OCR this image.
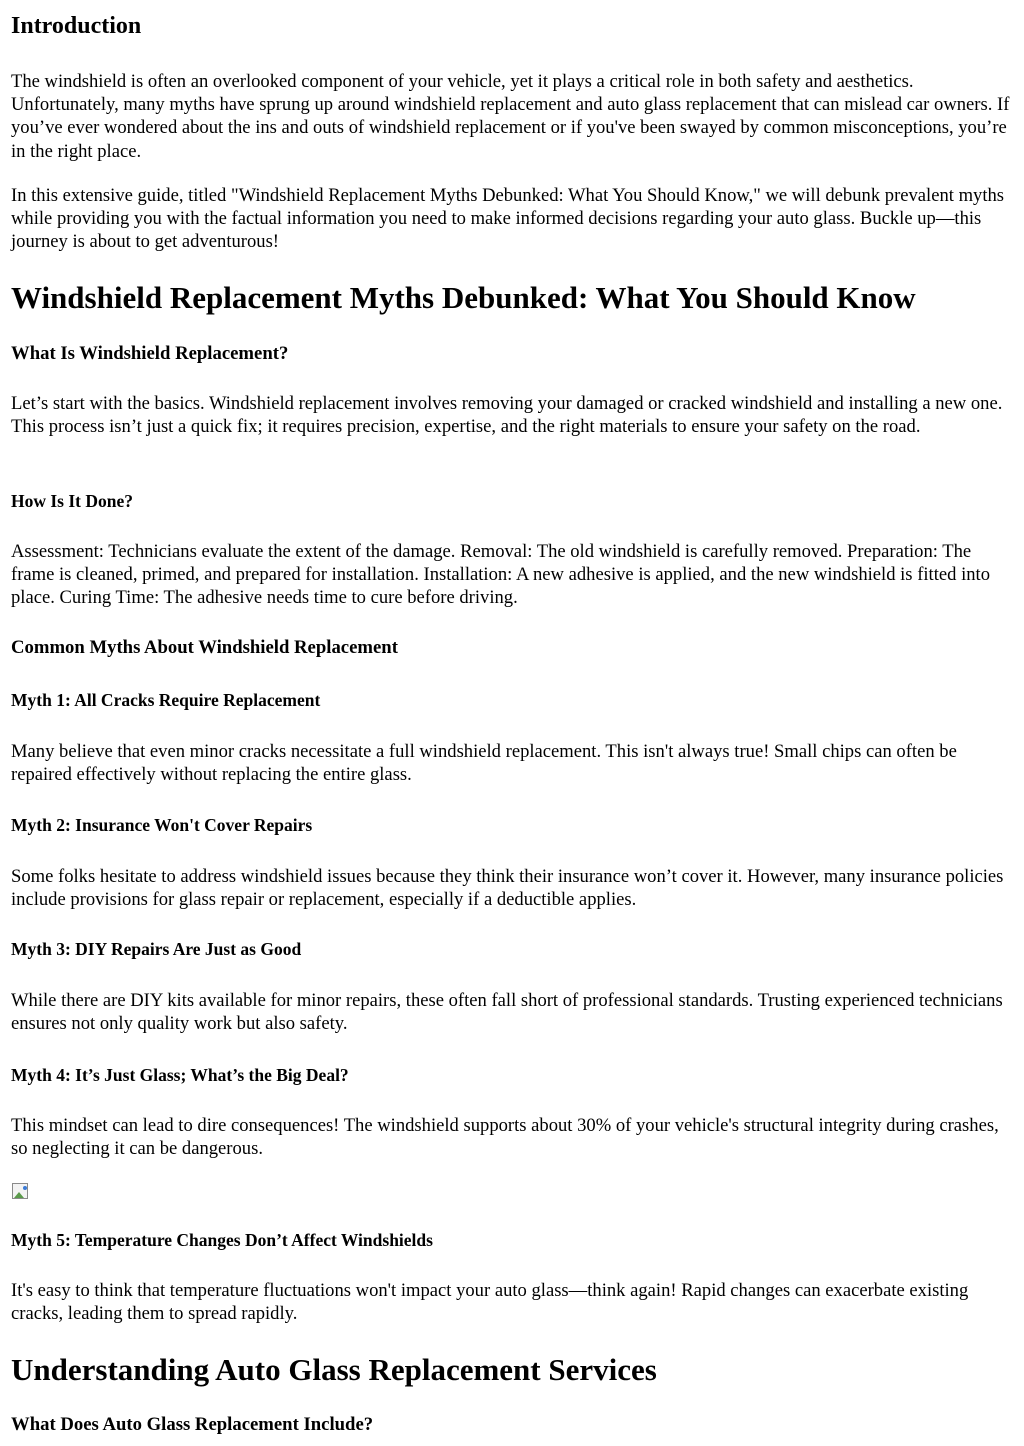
Introduction

The windshield is often an overlooked component of your vehicle, yet it plays a critical role in both safety and aesthetics. Unfortunately, many myths have sprung up around windshield replacement and auto glass replacement that can mislead car owners. If you’ve ever wondered about the ins and outs of windshield replacement or if you've been swayed by common misconceptions, you’re in the right place.

In this extensive guide, titled "Windshield Replacement Myths Debunked: What You Should Know," we will debunk prevalent myths while providing you with the factual information you need to make informed decisions regarding your auto glass. Buckle up—this journey is about to get adventurous!

Windshield Replacement Myths Debunked: What You Should Know
What Is Windshield Replacement?

Let’s start with the basics. Windshield replacement involves removing your damaged or cracked windshield and installing a new one. This process isn’t just a quick fix; it requires precision, expertise, and the right materials to ensure your safety on the road.

How Is It Done?

Assessment: Technicians evaluate the extent of the damage. Removal: The old windshield is carefully removed. Preparation: The frame is cleaned, primed, and prepared for installation. Installation: A new adhesive is applied, and the new windshield is fitted into place. Curing Time: The adhesive needs time to cure before driving.

Common Myths About Windshield Replacement
Myth 1: All Cracks Require Replacement

Many believe that even minor cracks necessitate a full windshield replacement. This isn't always true! Small chips can often be repaired effectively without replacing the entire glass.

Myth 2: Insurance Won't Cover Repairs

Some folks hesitate to address windshield issues because they think their insurance won’t cover it. However, many insurance policies include provisions for glass repair or replacement, especially if a deductible applies.

Myth 3: DIY Repairs Are Just as Good

While there are DIY kits available for minor repairs, these often fall short of professional standards. Trusting experienced technicians ensures not only quality work but also safety.

Myth 4: It’s Just Glass; What’s the Big Deal?

This mindset can lead to dire consequences! The windshield supports about 30% of your vehicle's structural integrity during crashes, so neglecting it can be dangerous.

Myth 5: Temperature Changes Don’t Affect Windshields

It's easy to think that temperature fluctuations won't impact your auto glass—think again! Rapid changes can exacerbate existing cracks, leading them to spread rapidly.

Understanding Auto Glass Replacement Services
What Does Auto Glass Replacement Include?
